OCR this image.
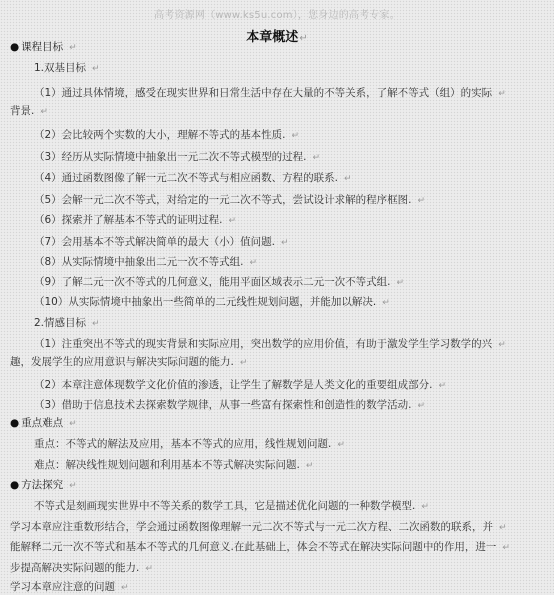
高考资源网（www.ks5u.com），您身边的高考专家。
本章概述↵
● 课程目标 ↵
1.双基目标 ↵
（1）通过具体情境，感受在现实世界和日常生活中存在大量的不等关系，了解不等式（组）的实际 ↵
背景. ↵
（2）会比较两个实数的大小，理解不等式的基本性质. ↵
（3）经历从实际情境中抽象出一元二次不等式模型的过程. ↵
（4）通过函数图像了解一元二次不等式与相应函数、方程的联系. ↵
（5）会解一元二次不等式，对给定的一元二次不等式，尝试设计求解的程序框图. ↵
（6）探索并了解基本不等式的证明过程. ↵
（7）会用基本不等式解决简单的最大（小）值问题. ↵
（8）从实际情境中抽象出二元一次不等式组. ↵
（9）了解二元一次不等式的几何意义，能用平面区域表示二元一次不等式组. ↵
（10）从实际情境中抽象出一些简单的二元线性规划问题，并能加以解决. ↵
2.情感目标 ↵
（1）注重突出不等式的现实背景和实际应用，突出数学的应用价值，有助于激发学生学习数学的兴 ↵
趣，发展学生的应用意识与解决实际问题的能力. ↵
（2）本章注意体现数学文化价值的渗透，让学生了解数学是人类文化的重要组成部分. ↵
（3）借助于信息技术去探索数学规律，从事一些富有探索性和创造性的数学活动. ↵
● 重点难点 ↵
重点：不等式的解法及应用，基本不等式的应用，线性规划问题. ↵
难点：解决线性规划问题和利用基本不等式解决实际问题. ↵
● 方法探究 ↵
不等式是刻画现实世界中不等关系的数学工具，它是描述优化问题的一种数学模型. ↵
学习本章应注重数形结合，学会通过函数图像理解一元二次不等式与一元二次方程、二次函数的联系，并 ↵
能解释二元一次不等式和基本不等式的几何意义.在此基础上，体会不等式在解决实际问题中的作用，进一 ↵
步提高解决实际问题的能力. ↵
学习本章应注意的问题 ↵
